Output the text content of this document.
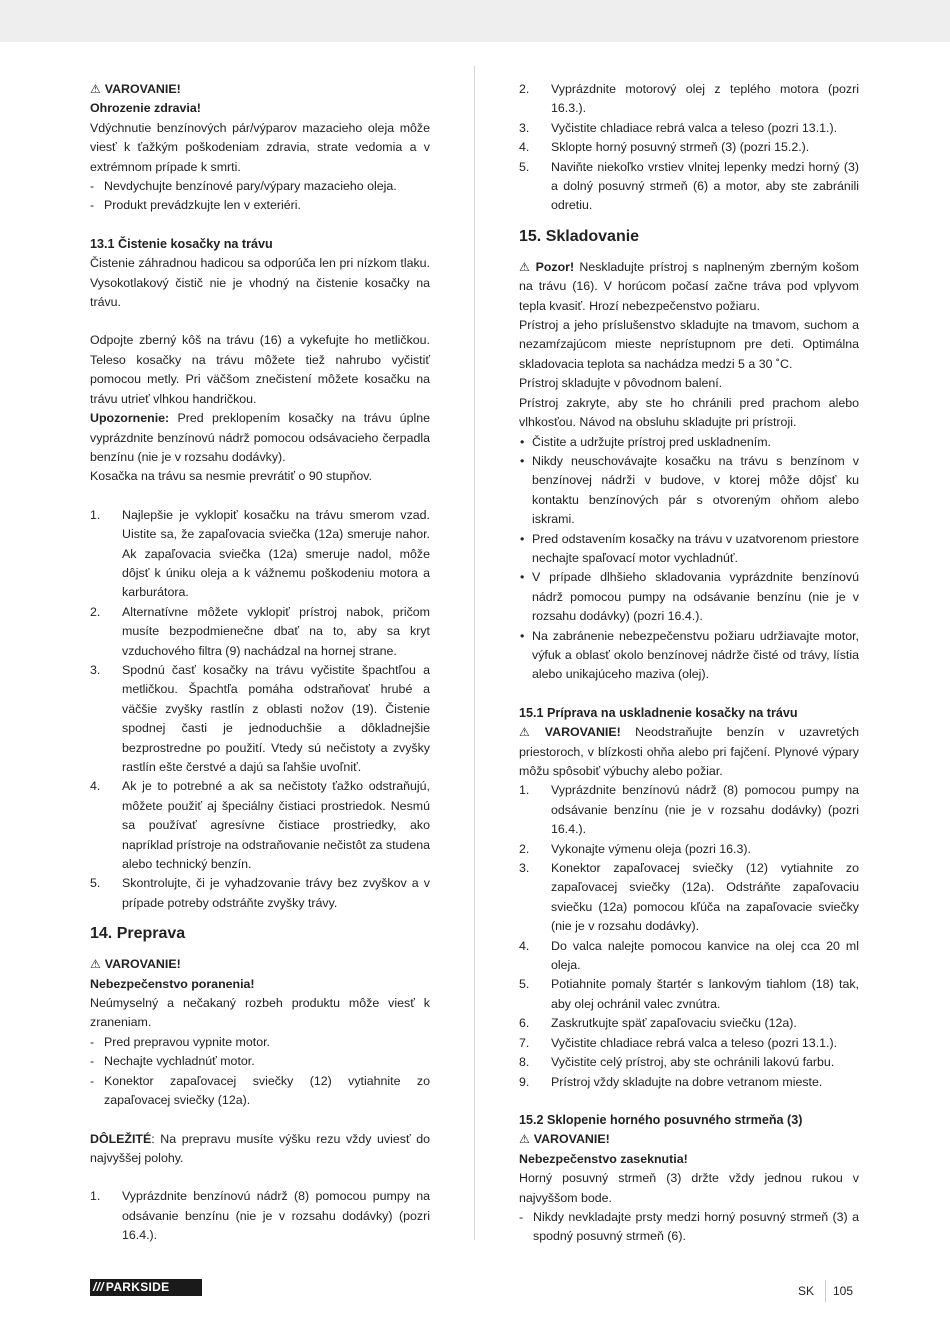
⚠ VAROVANIE!
Ohrozenie zdravia!

Vdýchnutie benzínových pár/výparov mazacieho oleja môže viesť k ťažkým poškodeniam zdravia, strate vedomia a v extrémnom prípade k smrti.

- Nevdychujte benzínové pary/výpary mazacieho oleja.
- Produkt prevádzkujte len v exteriéri.
13.1 Čistenie kosačky na trávu

Čistenie záhradnou hadicou sa odporúča len pri nízkom tlaku. Vysokotlakový čistič nie je vhodný na čistenie kosačky na trávu.

Odpojte zberný kôš na trávu (16) a vykefujte ho metličkou. Teleso kosačky na trávu môžete tiež nahrubo vyčistiť pomocou metly. Pri väčšom znečistení môžete kosačku na trávu utrieť vlhkou handričkou.

Upozornenie: Pred preklopením kosačky na trávu úplne vyprázdnite benzínovú nádrž pomocou odsávacieho čerpadla benzínu (nie je v rozsahu dodávky).

Kosačka na trávu sa nesmie prevrátiť o 90 stupňov.

1. Najlepšie je vyklopiť kosačku na trávu smerom vzad. Uistite sa, že zapaľovacia sviečka (12a) smeruje nahor. Ak zapaľovacia sviečka (12a) smeruje nadol, môže dôjsť k úniku oleja a k vážnemu poškodeniu motora a karburátora.
2. Alternatívne môžete vyklopiť prístroj nabok, pričom musíte bezpodmienečne dbať na to, aby sa kryt vzduchového filtra (9) nachádzal na hornej strane.
3. Spodnú časť kosačky na trávu vyčistite špachtľou a metličkou. Špachtľa pomáha odstraňovať hrubé a väčšie zvyšky rastlín z oblasti nožov (19). Čistenie spodnej časti je jednoduchšie a dôkladnejšie bezprostredne po použití. Vtedy sú nečistoty a zvyšky rastlín ešte čerstvé a dajú sa ľahšie uvoľniť.
4. Ak je to potrebné a ak sa nečistoty ťažko odstraňujú, môžete použiť aj špeciálny čistiaci prostriedok. Nesmú sa používať agresívne čistiace prostriedky, ako napríklad prístroje na odstraňovanie nečistôt za studena alebo technický benzín.
5. Skontrolujte, či je vyhadzovanie trávy bez zvyškov a v prípade potreby odstráňte zvyšky trávy.
14. Preprava
⚠ VAROVANIE!
Nebezpečenstvo poranenia!

Neúmyselný a nečakaný rozbeh produktu môže viesť k zraneniam.

- Pred prepravou vypnite motor.
- Nechajte vychladnúť motor.
- Konektor zapaľovacej sviečky (12) vytiahnite zo zapaľovacej sviečky (12a).

DÔLEŽITÉ: Na prepravu musíte výšku rezu vždy uviesť do najvyššej polohy.

1. Vyprázdnite benzínovú nádrž (8) pomocou pumpy na odsávanie benzínu (nie je v rozsahu dodávky) (pozri 16.4.).
2. Vyprázdnite motorový olej z teplého motora (pozri 16.3.).
3. Vyčistite chladiace rebrá valca a teleso (pozri 13.1.).
4. Sklopte horný posuvný strmeň (3) (pozri 15.2.).
5. Naviňte niekoľko vrstiev vlnitej lepenky medzi horný (3) a dolný posuvný strmeň (6) a motor, aby ste zabránili odretiu.
15. Skladovanie

⚠ Pozor! Neskladujte prístroj s naplneným zberným košom na trávu (16). V horúcom počasí začne tráva pod vplyvom tepla kvasiť. Hrozí nebezpečenstvo požiaru.

Prístroj a jeho príslušenstvo skladujte na tmavom, suchom a nezamŕzajúcom mieste neprístupnom pre deti. Optimálna skladovacia teplota sa nachádza medzi 5 a 30 ˚C.

Prístroj skladujte v pôvodnom balení.

Prístroj zakryte, aby ste ho chránili pred prachom alebo vlhkosťou. Návod na obsluhu skladujte pri prístroji.

• Čistite a udržujte prístroj pred uskladnením.
• Nikdy neuschovávajte kosačku na trávu s benzínom v benzínovej nádrži v budove, v ktorej môže dôjsť ku kontaktu benzínových pár s otvoreným ohňom alebo iskrami.
• Pred odstavením kosačky na trávu v uzatvorenom priestore nechajte spaľovací motor vychladnúť.
• V prípade dlhšieho skladovania vyprázdnite benzínovú nádrž pomocou pumpy na odsávanie benzínu (nie je v rozsahu dodávky) (pozri 16.4.).
• Na zabránenie nebezpečenstvu požiaru udržiavajte motor, výfuk a oblasť okolo benzínovej nádrže čisté od trávy, lístia alebo unikajúceho maziva (olej).
15.1 Príprava na uskladnenie kosačky na trávu

⚠ VAROVANIE! Neodstraňujte benzín v uzavretých priestoroch, v blízkosti ohňa alebo pri fajčení. Plynové výpary môžu spôsobiť výbuchy alebo požiar.

1. Vyprázdnite benzínovú nádrž (8) pomocou pumpy na odsávanie benzínu (nie je v rozsahu dodávky) (pozri 16.4.).
2. Vykonajte výmenu oleja (pozri 16.3).
3. Konektor zapaľovacej sviečky (12) vytiahnite zo zapaľovacej sviečky (12a). Odstráňte zapaľovaciu sviečku (12a) pomocou kľúča na zapaľovacie sviečky (nie je v rozsahu dodávky).
4. Do valca nalejte pomocou kanvice na olej cca 20 ml oleja.
5. Potiahnite pomaly štartér s lankovým tiahlom (18) tak, aby olej ochránil valec zvnútra.
6. Zaskrutkujte späť zapaľovaciu sviečku (12a).
7. Vyčistite chladiace rebrá valca a teleso (pozri 13.1.).
8. Vyčistite celý prístroj, aby ste ochránili lakovú farbu.
9. Prístroj vždy skladujte na dobre vetranom mieste.
15.2 Sklopenie horného posuvného strmeňa (3)
⚠ VAROVANIE!
Nebezpečenstvo zaseknutia!

Horný posuvný strmeň (3) držte vždy jednou rukou v najvyššom bode.

- Nikdy nevkladajte prsty medzi horný posuvný strmeň (3) a spodný posuvný strmeň (6).
/// PARKSIDE	SK 105
